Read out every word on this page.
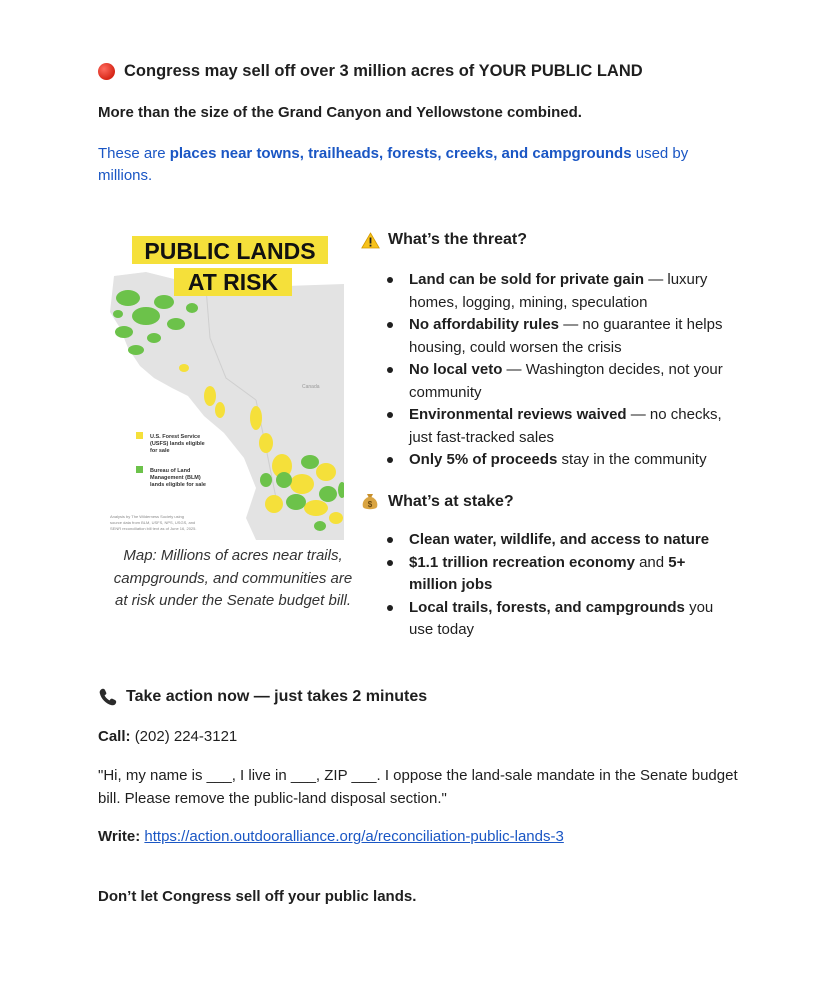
Congress may sell off over 3 million acres of YOUR PUBLIC LAND
More than the size of the Grand Canyon and Yellowstone combined.
These are places near towns, trailheads, forests, creeks, and campgrounds used by millions.
Canada
PUBLIC LANDS
AT RISK
U.S. Forest Service (USFS) lands eligible for sale
Bureau of Land Management (BLM) lands eligible for sale
Analysis by The Wilderness Society using source data from BLM, USFS, NPS, USGS, and SENR reconciliation bill text as of June 16, 2025.
Map: Millions of acres near trails, campgrounds, and communities are at risk under the Senate budget bill.
What’s the threat?
Land can be sold for private gain — luxury homes, logging, mining, speculation
No affordability rules — no guarantee it helps housing, could worsen the crisis
No local veto — Washington decides, not your community
Environmental reviews waived — no checks, just fast-tracked sales
Only 5% of proceeds stay in the community
$ What’s at stake?
Clean water, wildlife, and access to nature
$1.1 trillion recreation economy and 5+ million jobs
Local trails, forests, and campgrounds you use today
Take action now — just takes 2 minutes
Call: (202) 224-3121
"Hi, my name is ___, I live in ___, ZIP ___. I oppose the land-sale mandate in the Senate budget bill. Please remove the public-land disposal section."
Write: https://action.outdooralliance.org/a/reconciliation-public-lands-3
Don’t let Congress sell off your public lands.
